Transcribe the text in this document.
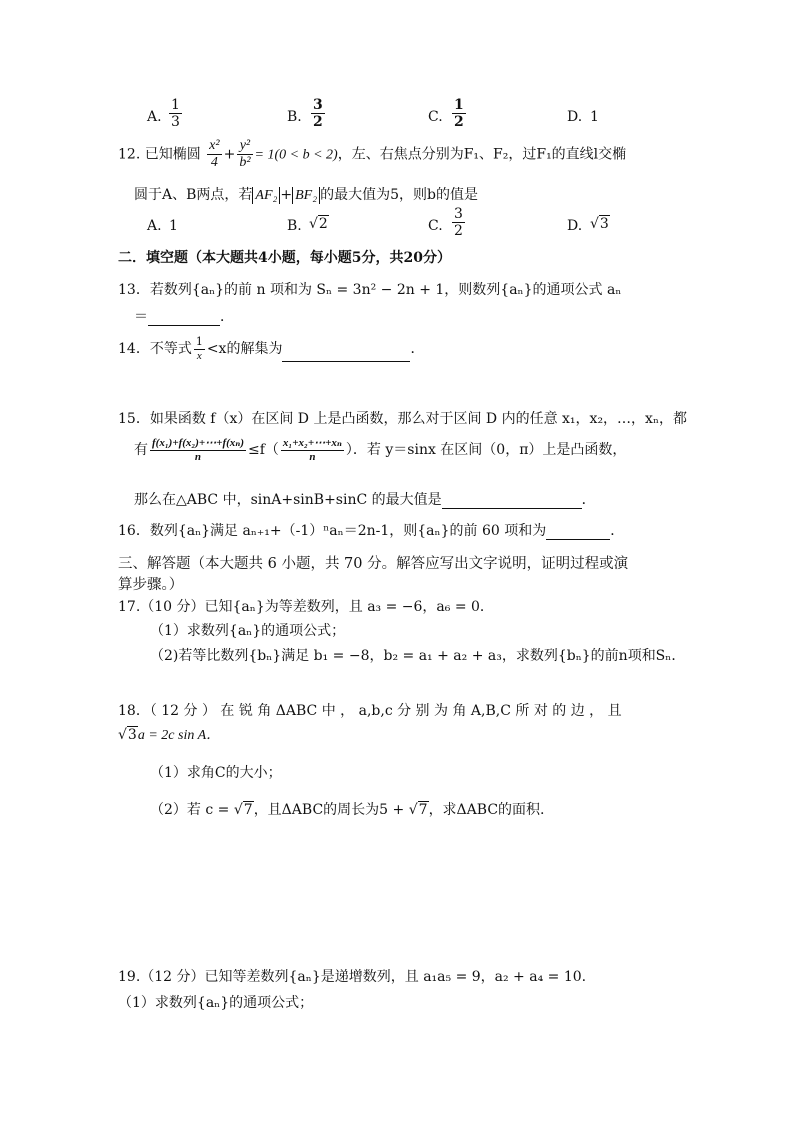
A. $\frac{1}{3}$	B. $\frac{3}{2}$	C. $\frac{1}{2}$	D. 1
12. 已知椭圆 $\frac{\text{x²}}{4} + \frac{\text{y²}}{\text{b²}} = 1(0 < b < 2)$，左、右焦点分别为F₁、F₂，过F₁的直线l交椭
圆于A、B两点，若 AF₂ + BF₂ 的最大值为5，则b的值是
A. 1	B. √2	C. $\frac{3}{2}$	D. √3
二．填空题（本大题共4小题，每小题5分，共20分）
13．若数列{aₙ}的前 n 项和为 Sₙ = 3n² − 2n + 1，则数列{aₙ}的通项公式 aₙ
＝	．
14．不等式 $\frac{1}{x} <x$的解集为	．
15．如果函数 f（x）在区间 D 上是凸函数，那么对于区间 D 内的任意 x₁，x₂，…，xₙ，都
有 $\frac{\text{f(x₁)+f(x₂)+⋯+f(xₙ)}}{n} \le f( \frac{\text{x₁+x₂+⋯+xₙ}}{n}$ ）．若 y＝sinx 在区间（0，π）上是凸函数，
那么在△ABC 中，sinA+sinB+sinC 的最大值是	．
16．数列{aₙ}满足 aₙ₊₁+（-1）ⁿaₙ＝2n-1，则{aₙ}的前 60 项和为	．
三、解答题（本大题共 6 小题，共 70 分。解答应写出文字说明，证明过程或演
算步骤。）
17.（10 分）已知{aₙ}为等差数列，且 a₃ = −6，a₆ = 0．
（1）求数列{aₙ}的通项公式；
（2)若等比数列{bₙ}满足 b₁ = −8，b₂ = a₁ + a₂ + a₃，求数列{bₙ}的前n项和Sₙ．
18．（ 12 分 ） 在 锐 角 ΔABC 中 ， a,b,c 分 别 为 角 A,B,C 所 对 的 边 ， 且
√3a = 2c sin A．
（1）求角C的大小；
（2）若 c = √7，且ΔABC的周长为5 + √7，求ΔABC的面积.
19.（12 分）已知等差数列{aₙ}是递增数列，且 a₁a₅ = 9，a₂ + a₄ = 10.
（1）求数列{aₙ}的通项公式；
